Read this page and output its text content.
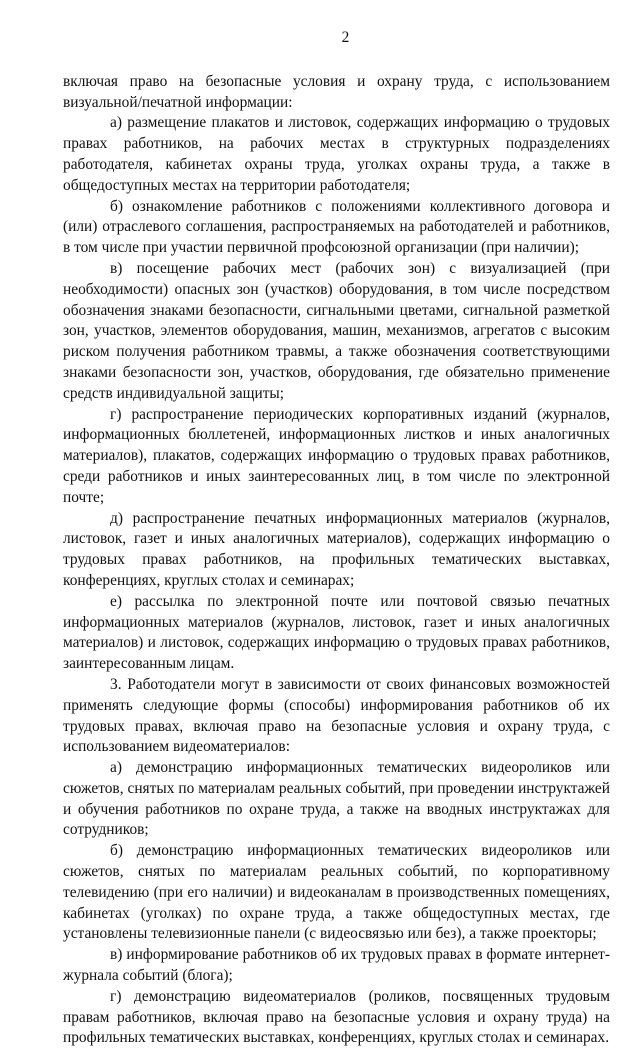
2
включая право на безопасные условия и охрану труда, с использованием визуальной/печатной информации:
а) размещение плакатов и листовок, содержащих информацию о трудовых правах работников, на рабочих местах в структурных подразделениях работодателя, кабинетах охраны труда, уголках охраны труда, а также в общедоступных местах на территории работодателя;
б) ознакомление работников с положениями коллективного договора и (или) отраслевого соглашения, распространяемых на работодателей и работников, в том числе при участии первичной профсоюзной организации (при наличии);
в) посещение рабочих мест (рабочих зон) с визуализацией (при необходимости) опасных зон (участков) оборудования, в том числе посредством обозначения знаками безопасности, сигнальными цветами, сигнальной разметкой зон, участков, элементов оборудования, машин, механизмов, агрегатов с высоким риском получения работником травмы, а также обозначения соответствующими знаками безопасности зон, участков, оборудования, где обязательно применение средств индивидуальной защиты;
г) распространение периодических корпоративных изданий (журналов, информационных бюллетеней, информационных листков и иных аналогичных материалов), плакатов, содержащих информацию о трудовых правах работников, среди работников и иных заинтересованных лиц, в том числе по электронной почте;
д) распространение печатных информационных материалов (журналов, листовок, газет и иных аналогичных материалов), содержащих информацию о трудовых правах работников, на профильных тематических выставках, конференциях, круглых столах и семинарах;
е) рассылка по электронной почте или почтовой связью печатных информационных материалов (журналов, листовок, газет и иных аналогичных материалов) и листовок, содержащих информацию о трудовых правах работников, заинтересованным лицам.
3. Работодатели могут в зависимости от своих финансовых возможностей применять следующие формы (способы) информирования работников об их трудовых правах, включая право на безопасные условия и охрану труда, с использованием видеоматериалов:
а) демонстрацию информационных тематических видеороликов или сюжетов, снятых по материалам реальных событий, при проведении инструктажей и обучения работников по охране труда, а также на вводных инструктажах для сотрудников;
б) демонстрацию информационных тематических видеороликов или сюжетов, снятых по материалам реальных событий, по корпоративному телевидению (при его наличии) и видеоканалам в производственных помещениях, кабинетах (уголках) по охране труда, а также общедоступных местах, где установлены телевизионные панели (с видеосвязью или без), а также проекторы;
в) информирование работников об их трудовых правах в формате интернет-журнала событий (блога);
г) демонстрацию видеоматериалов (роликов, посвященных трудовым правам работников, включая право на безопасные условия и охрану труда) на профильных тематических выставках, конференциях, круглых столах и семинарах.
